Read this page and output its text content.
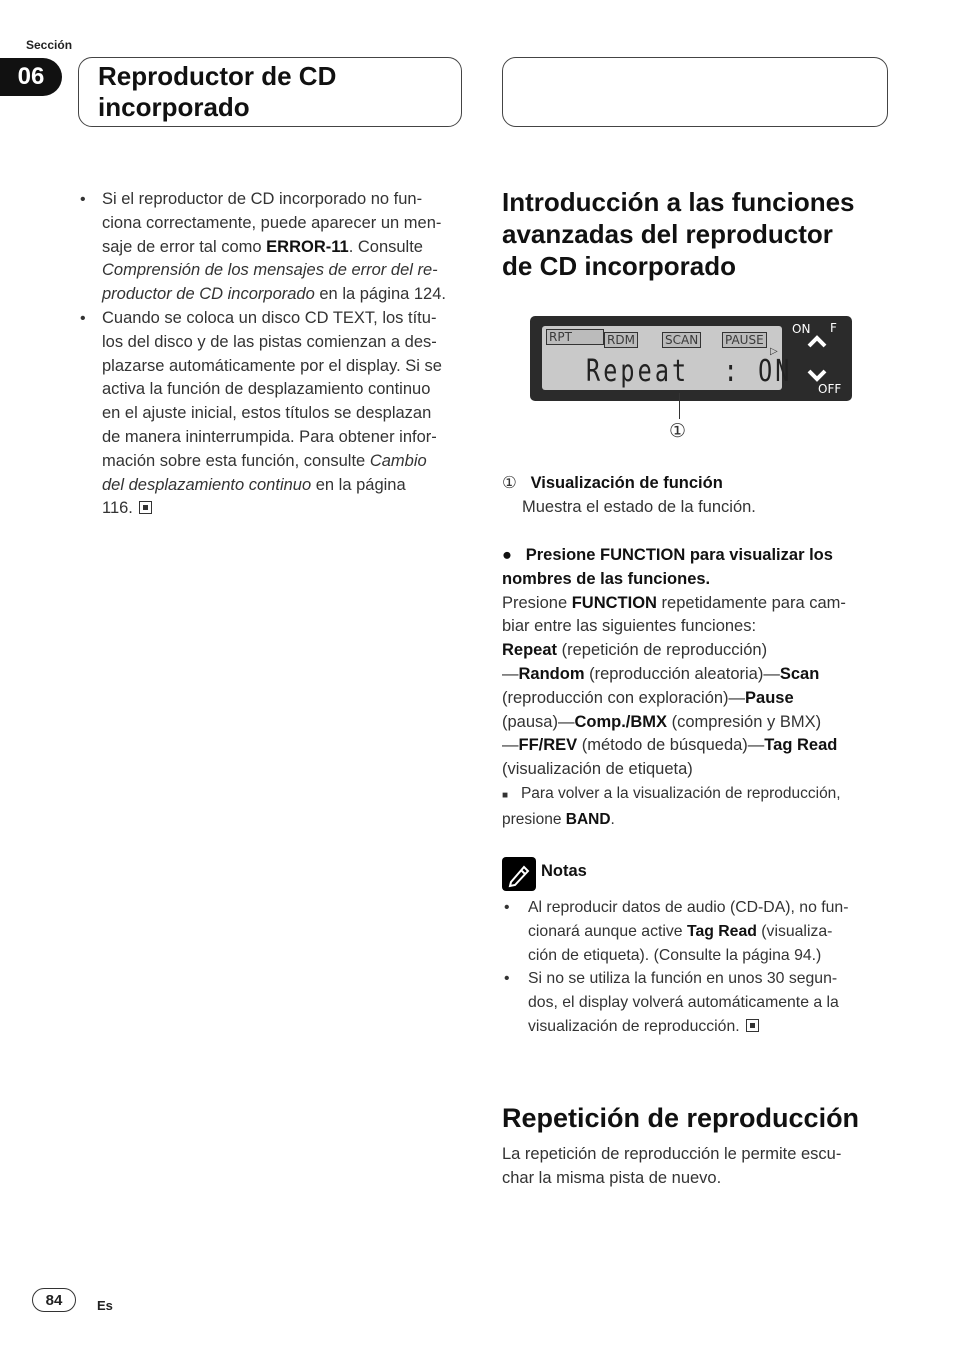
Sección
06	Reproductor de CD
incorporado
• Si el reproductor de CD incorporado no fun-
ciona correctamente, puede aparecer un men-
saje de error tal como ERROR-11. Consulte
Comprensión de los mensajes de error del re-
productor de CD incorporado en la página 124.
• Cuando se coloca un disco CD TEXT, los títu-
los del disco y de las pistas comienzan a des-
plazarse automáticamente por el display. Si se
activa la función de desplazamiento continuo
en el ajuste inicial, estos títulos se desplazan
de manera ininterrumpida. Para obtener infor-
mación sobre esta función, consulte Cambio
del desplazamiento continuo en la página
116.
Introducción a las funciones
avanzadas del reproductor
de CD incorporado
RPT	RDM	SCAN PAUSE
▷
Repeat  : ON
ON F
OFF
①
① Visualización de función
Muestra el estado de la función.
● Presione FUNCTION para visualizar los
nombres de las funciones.
Presione FUNCTION repetidamente para cam-
biar entre las siguientes funciones:
Repeat (repetición de reproducción)
—Random (reproducción aleatoria)—Scan
(reproducción con exploración)—Pause
(pausa)—Comp./BMX (compresión y BMX)
—FF/REV (método de búsqueda)—Tag Read
(visualización de etiqueta)
■ Para volver a la visualización de reproducción,
presione BAND.
Notas
• Al reproducir datos de audio (CD-DA), no fun-
cionará aunque active Tag Read (visualiza-
ción de etiqueta). (Consulte la página 94.)
• Si no se utiliza la función en unos 30 segun-
dos, el display volverá automáticamente a la
visualización de reproducción.
Repetición de reproducción
La repetición de reproducción le permite escu-
char la misma pista de nuevo.
84	Es
